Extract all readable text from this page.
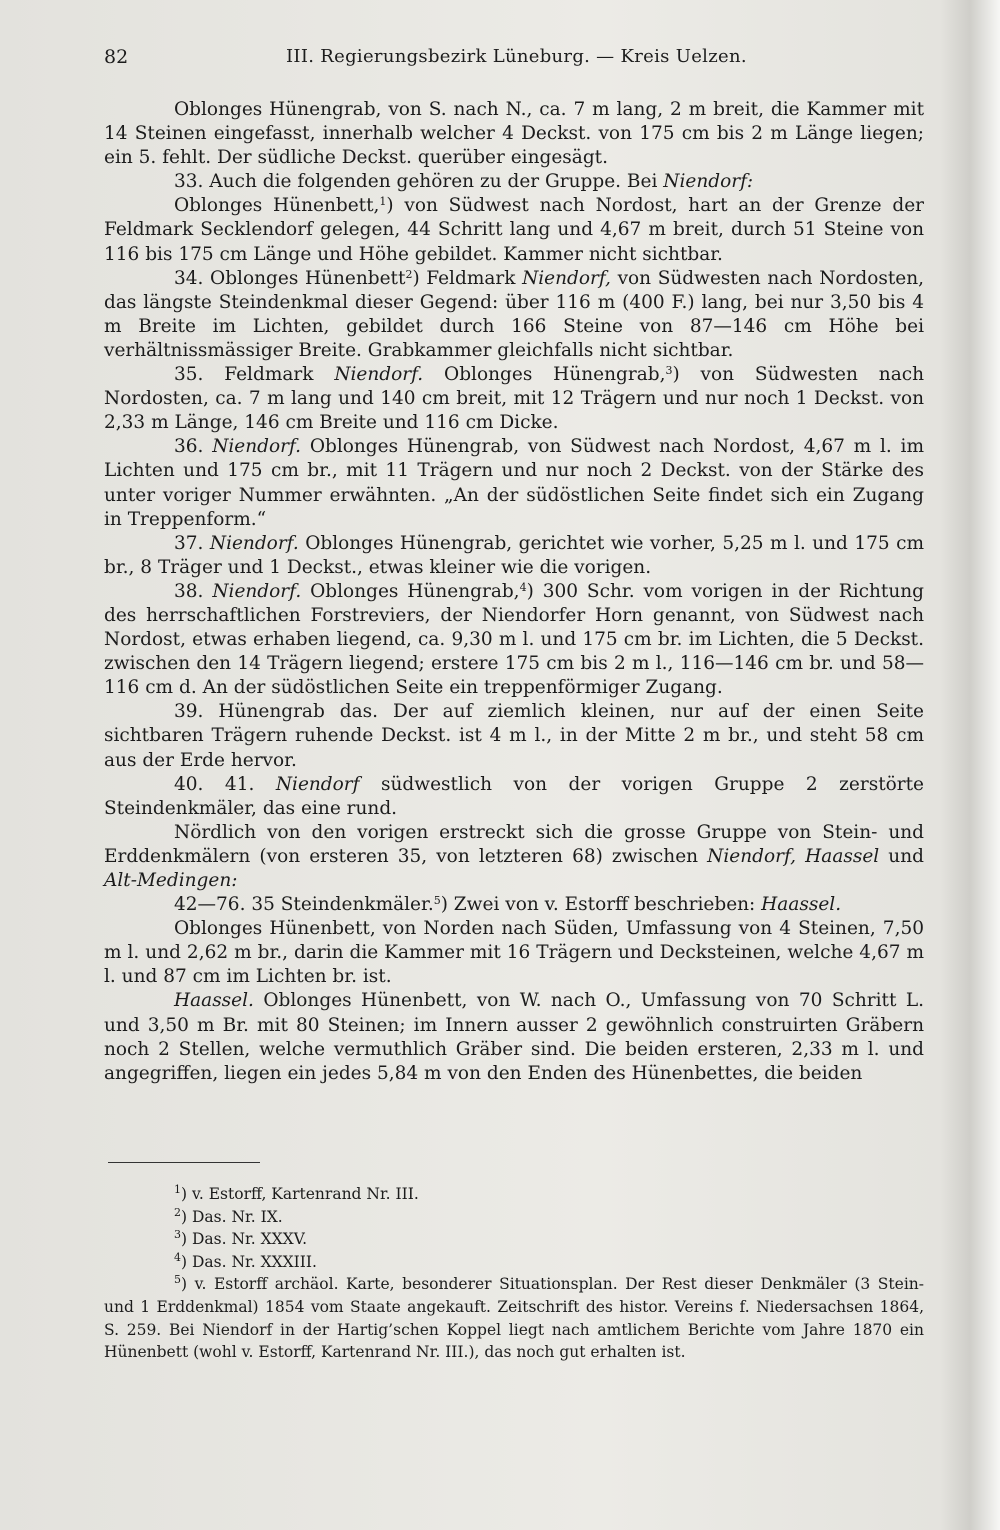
82	III. Regierungsbezirk Lüneburg. — Kreis Uelzen.

Oblonges Hünengrab, von S. nach N., ca. 7 m lang, 2 m breit, die Kammer mit 14 Steinen eingefasst, innerhalb welcher 4 Deckst. von 175 cm bis 2 m Länge liegen; ein 5. fehlt. Der südliche Deckst. querüber eingesägt.

33. Auch die folgenden gehören zu der Gruppe. Bei Niendorf:

Oblonges Hünenbett,$^1$) von Südwest nach Nordost, hart an der Grenze der Feldmark Secklendorf gelegen, 44 Schritt lang und 4,67 m breit, durch 51 Steine von 116 bis 175 cm Länge und Höhe gebildet. Kammer nicht sichtbar.

34. Oblonges Hünenbett$^2$) Feldmark Niendorf, von Südwesten nach Nordosten, das längste Steindenkmal dieser Gegend: über 116 m (400 F.) lang, bei nur 3,50 bis 4 m Breite im Lichten, gebildet durch 166 Steine von 87—146 cm Höhe bei verhältnissmässiger Breite. Grabkammer gleichfalls nicht sichtbar.

35. Feldmark Niendorf. Oblonges Hünengrab,$^3$) von Südwesten nach Nordosten, ca. 7 m lang und 140 cm breit, mit 12 Trägern und nur noch 1 Deckst. von 2,33 m Länge, 146 cm Breite und 116 cm Dicke.

36. Niendorf. Oblonges Hünengrab, von Südwest nach Nordost, 4,67 m l. im Lichten und 175 cm br., mit 11 Trägern und nur noch 2 Deckst. von der Stärke des unter voriger Nummer erwähnten. „An der südöstlichen Seite findet sich ein Zugang in Treppenform.“

37. Niendorf. Oblonges Hünengrab, gerichtet wie vorher, 5,25 m l. und 175 cm br., 8 Träger und 1 Deckst., etwas kleiner wie die vorigen.

38. Niendorf. Oblonges Hünengrab,$^4$) 300 Schr. vom vorigen in der Richtung des herrschaftlichen Forstreviers, der Niendorfer Horn genannt, von Südwest nach Nordost, etwas erhaben liegend, ca. 9,30 m l. und 175 cm br. im Lichten, die 5 Deckst. zwischen den 14 Trägern liegend; erstere 175 cm bis 2 m l., 116—146 cm br. und 58—116 cm d. An der südöstlichen Seite ein treppenförmiger Zugang.

39. Hünengrab das. Der auf ziemlich kleinen, nur auf der einen Seite sichtbaren Trägern ruhende Deckst. ist 4 m l., in der Mitte 2 m br., und steht 58 cm aus der Erde hervor.

40. 41. Niendorf südwestlich von der vorigen Gruppe 2 zerstörte Steindenkmäler, das eine rund.

Nördlich von den vorigen erstreckt sich die grosse Gruppe von Stein- und Erddenkmälern (von ersteren 35, von letzteren 68) zwischen Niendorf, Haassel und Alt-Medingen:

42—76. 35 Steindenkmäler.$^5$) Zwei von v. Estorff beschrieben: Haassel.

Oblonges Hünenbett, von Norden nach Süden, Umfassung von 4 Steinen, 7,50 m l. und 2,62 m br., darin die Kammer mit 16 Trägern und Decksteinen, welche 4,67 m l. und 87 cm im Lichten br. ist.

Haassel. Oblonges Hünenbett, von W. nach O., Umfassung von 70 Schritt L. und 3,50 m Br. mit 80 Steinen; im Innern ausser 2 gewöhnlich construirten Gräbern noch 2 Stellen, welche vermuthlich Gräber sind. Die beiden ersteren, 2,33 m l. und angegriffen, liegen ein jedes 5,84 m von den Enden des Hünenbettes, die beiden

$^1$) v. Estorff, Kartenrand Nr. III.

$^2$) Das. Nr. IX.

$^3$) Das. Nr. XXXV.

$^4$) Das. Nr. XXXIII.

$^5$) v. Estorff archäol. Karte, besonderer Situationsplan. Der Rest dieser Denkmäler (3 Stein- und 1 Erddenkmal) 1854 vom Staate angekauft. Zeitschrift des histor. Vereins f. Niedersachsen 1864, S. 259. Bei Niendorf in der Hartig’schen Koppel liegt nach amtlichem Berichte vom Jahre 1870 ein Hünenbett (wohl v. Estorff, Kartenrand Nr. III.), das noch gut erhalten ist.
